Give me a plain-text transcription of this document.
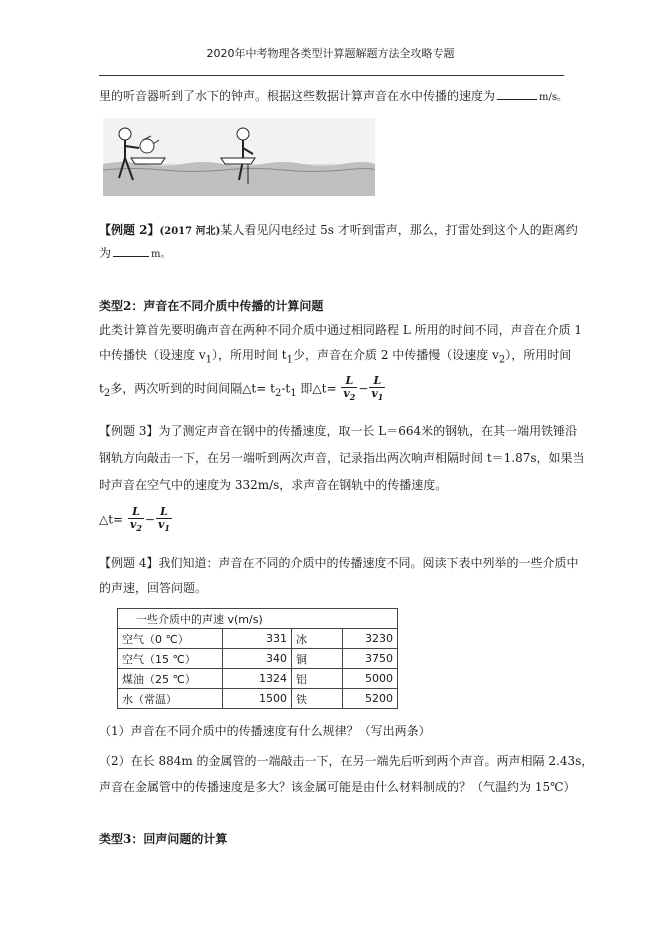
2020年中考物理各类型计算题解题方法全攻略专题
里的听音器听到了水下的钟声。根据这些数据计算声音在水中传播的速度为	m/s。
【例题 2】(2017 河北)某人看见闪电经过 5s 才听到雷声，那么，打雷处到这个人的距离约
为	m。
类型2：声音在不同介质中传播的计算问题
此类计算首先要明确声音在两种不同介质中通过相同路程 L 所用的时间不同，声音在介质 1
中传播快（设速度 $v_1$），所用时间 $t_1$少，声音在介质 2 中传播慢（设速度 $v_2$），所用时间
$t_2$多，两次听到的时间间隔△t= $t_2-t_1$ 即△t= $\frac{L}{v_2} - \frac{L}{v_1}$
【例题 3】为了测定声音在钢中的传播速度，取一长 L＝664米的钢轨，在其一端用铁锤沿
钢轨方向敲击一下，在另一端听到两次声音，记录指出两次响声相隔时间 t＝1.87s，如果当
时声音在空气中的速度为 332m/s，求声音在钢轨中的传播速度。
△t= $\frac{L}{v_2} - \frac{L}{v_1}$
【例题 4】我们知道：声音在不同的介质中的传播速度不同。阅读下表中列举的一些介质中
的声速，回答问题。
一些介质中的声速 v(m/s)			
空气（0 ℃）	331	冰	3230
空气（15 ℃）	340	铜	3750
煤油（25 ℃）	1324	铝	5000
水（常温）	1500	铁	5200
（1）声音在不同介质中的传播速度有什么规律？（写出两条）
（2）在长 884m 的金属管的一端敲击一下，在另一端先后听到两个声音。两声相隔 2.43s，
声音在金属管中的传播速度是多大？该金属可能是由什么材料制成的？（气温约为 15℃）
类型3：回声问题的计算
